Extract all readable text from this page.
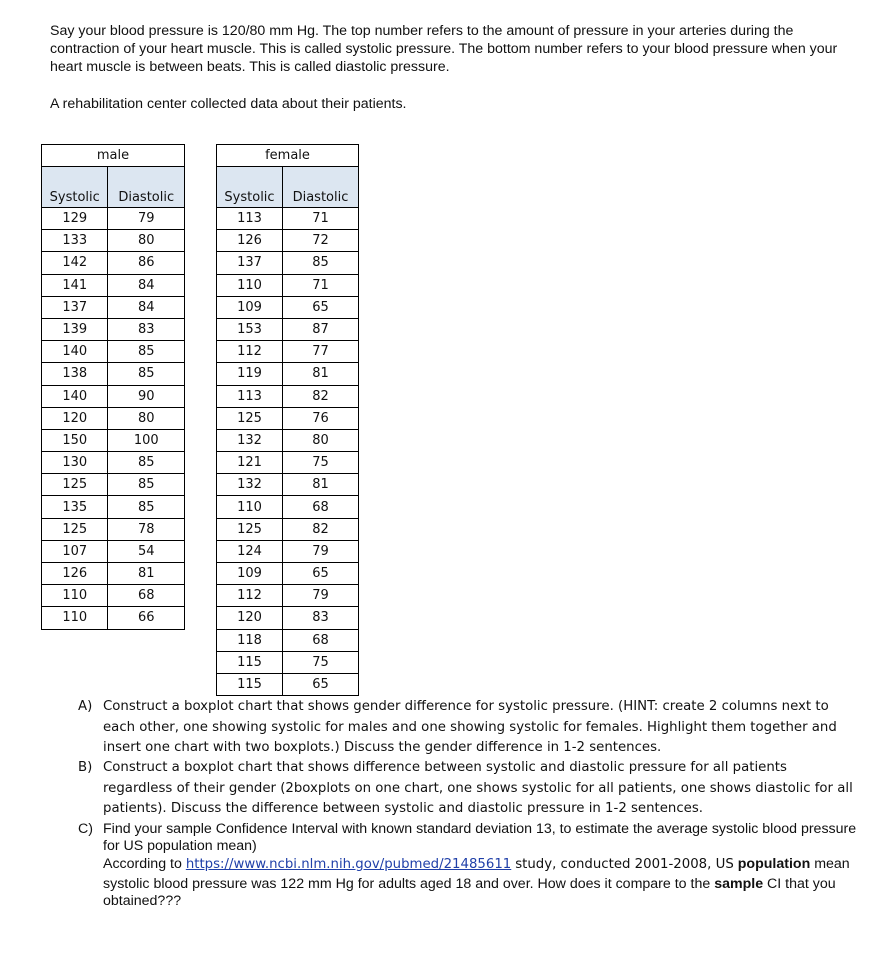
Say your blood pressure is 120/80 mm Hg. The top number refers to the amount of pressure in your arteries during the contraction of your heart muscle. This is called systolic pressure. The bottom number refers to your blood pressure when your heart muscle is between beats. This is called diastolic pressure.

A rehabilitation center collected data about their patients.

male	
Systolic	Diastolic
129	79
133	80
142	86
141	84
137	84
139	83
140	85
138	85
140	90
120	80
150	100
130	85
125	85
135	85
125	78
107	54
126	81
110	68
110	66
female	
Systolic	Diastolic
113	71
126	72
137	85
110	71
109	65
153	87
112	77
119	81
113	82
125	76
132	80
121	75
132	81
110	68
125	82
124	79
109	65
112	79
120	83
118	68
115	75
115	65
A) Construct a boxplot chart that shows gender difference for systolic pressure. (HINT: create 2 columns next to each other, one showing systolic for males and one showing systolic for females. Highlight them together and insert one chart with two boxplots.) Discuss the gender difference in 1-2 sentences.
B) Construct a boxplot chart that shows difference between systolic and diastolic pressure for all patients regardless of their gender (2boxplots on one chart, one shows systolic for all patients, one shows diastolic for all patients). Discuss the difference between systolic and diastolic pressure in 1-2 sentences.
C) Find your sample Confidence Interval with known standard deviation 13, to estimate the average systolic blood pressure for US population mean)
According to https://www.ncbi.nlm.nih.gov/pubmed/21485611 study, conducted 2001-2008, US population mean systolic blood pressure was 122 mm Hg for adults aged 18 and over. How does it compare to the sample CI that you obtained???
